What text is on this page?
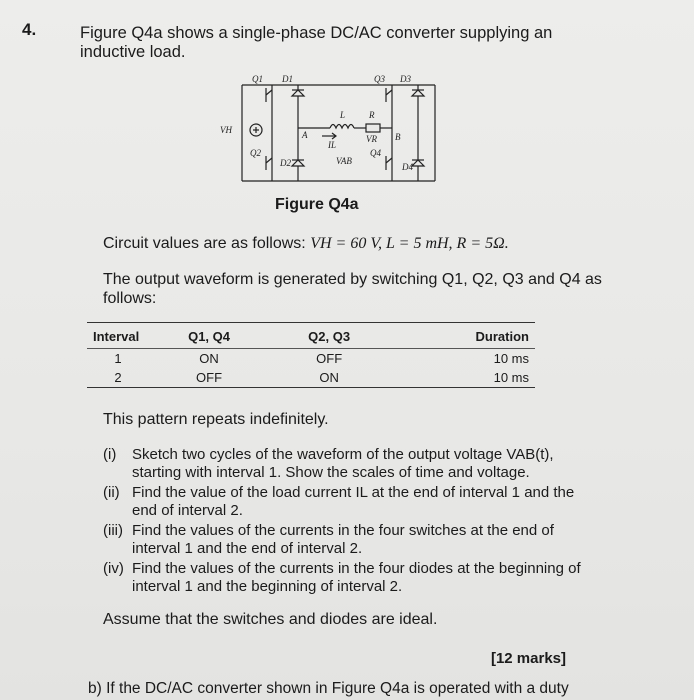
4.	Figure Q4a shows a single-phase DC/AC converter supplying an inductive load.
Q1 D1	Q3 D3
Q2
D2
Q4
D4
VH
L	R
IL
VR
VAB
A	B
Figure Q4a
Circuit values are as follows: VH = 60 V, L = 5 mH, R = 5Ω.
The output waveform is generated by switching Q1, Q2, Q3 and Q4 as follows:
Interval	Q1, Q4	Q2, Q3	Duration
1	ON	OFF	10 ms
2	OFF	ON	10 ms
This pattern repeats indefinitely.
(i)	Sketch two cycles of the waveform of the output voltage VAB(t), starting with interval 1. Show the scales of time and voltage.
(ii) Find the value of the load current IL at the end of interval 1 and the end of interval 2.
(iii) Find the values of the currents in the four switches at the end of interval 1 and the end of interval 2.
(iv) Find the values of the currents in the four diodes at the beginning of interval 1 and the beginning of interval 2.
Assume that the switches and diodes are ideal.
[12 marks]
b) If the DC/AC converter shown in Figure Q4a is operated with a duty
